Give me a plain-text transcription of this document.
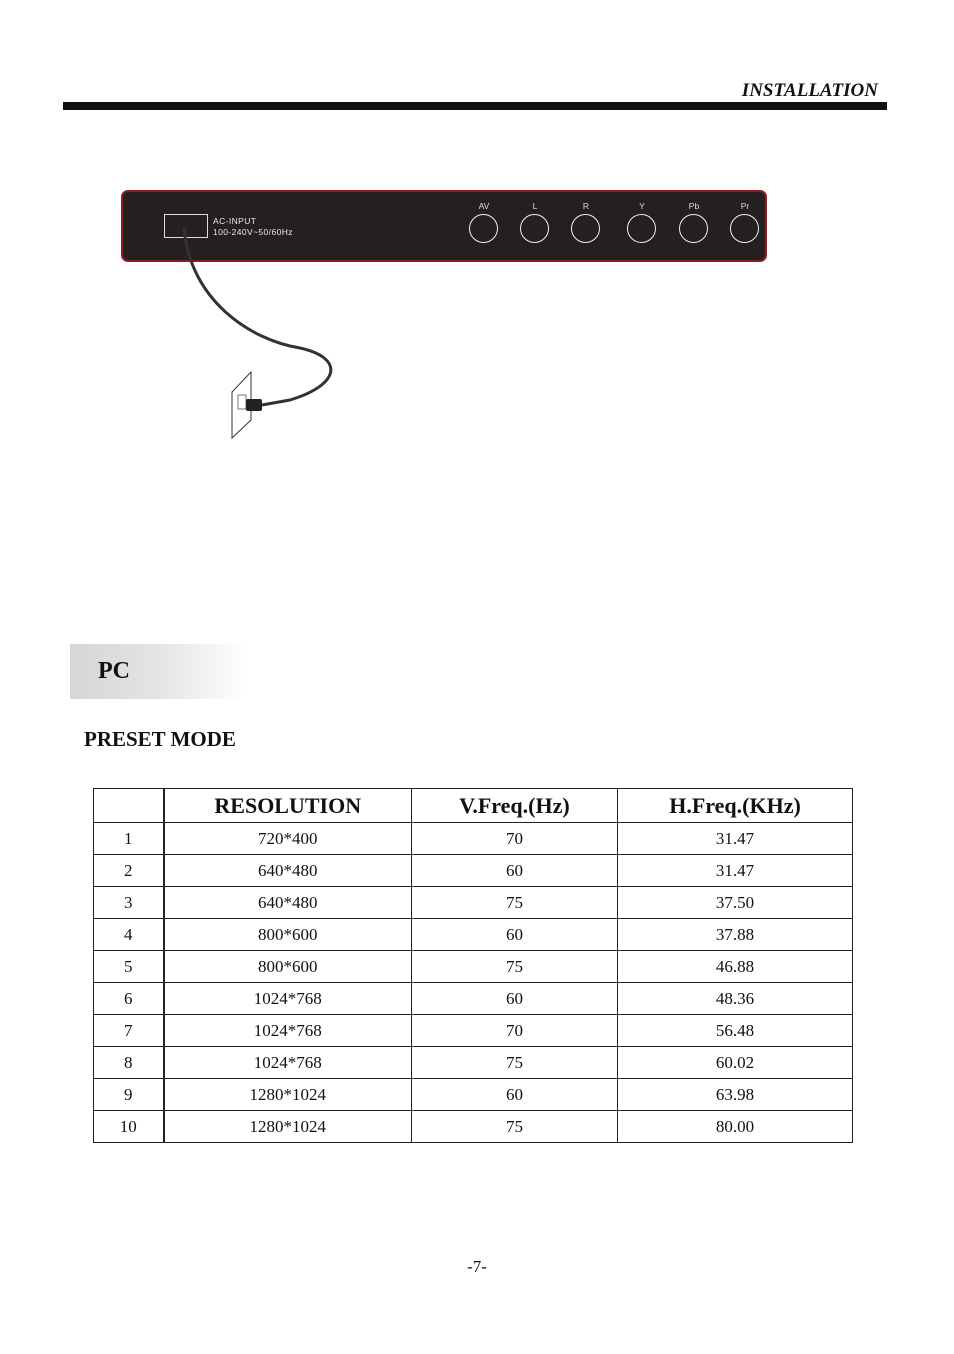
INSTALLATION
AC-INPUT
100-240V~50/60Hz
AV	L	R	Y	Pb	Pr
PC
PRESET MODE
	RESOLUTION	V.Freq.(Hz)	H.Freq.(KHz)
1	720*400	70	31.47
2	640*480	60	31.47
3	640*480	75	37.50
4	800*600	60	37.88
5	800*600	75	46.88
6	1024*768	60	48.36
7	1024*768	70	56.48
8	1024*768	75	60.02
9	1280*1024	60	63.98
10	1280*1024	75	80.00
-7-
